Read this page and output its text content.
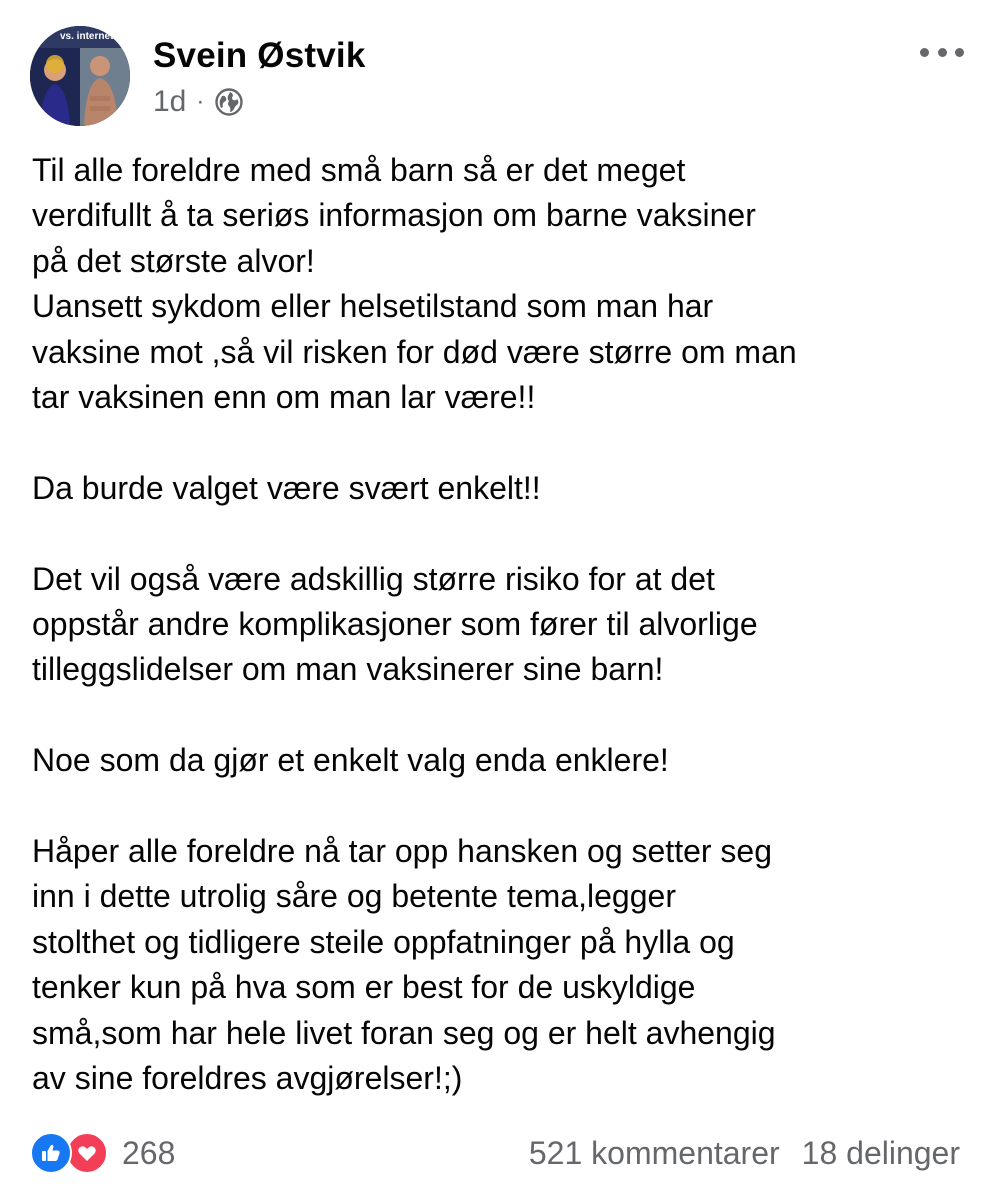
vs. internet Svein Østvik
1d ·

Til alle foreldre med små barn så er det meget
verdifullt å ta seriøs informasjon om barne vaksiner
på det største alvor!
Uansett sykdom eller helsetilstand som man har
vaksine mot ,så vil risken for død være større om man
tar vaksinen enn om man lar være!!

Da burde valget være svært enkelt!!

Det vil også være adskillig større risiko for at det
oppstår andre komplikasjoner som fører til alvorlige
tilleggslidelser om man vaksinerer sine barn!

Noe som da gjør et enkelt valg enda enklere!

Håper alle foreldre nå tar opp hansken og setter seg
inn i dette utrolig såre og betente tema,legger
stolthet og tidligere steile oppfatninger på hylla og
tenker kun på hva som er best for de uskyldige
små,som har hele livet foran seg og er helt avhengig
av sine foreldres avgjørelser!;)

268	521 kommentarer 18 delinger
